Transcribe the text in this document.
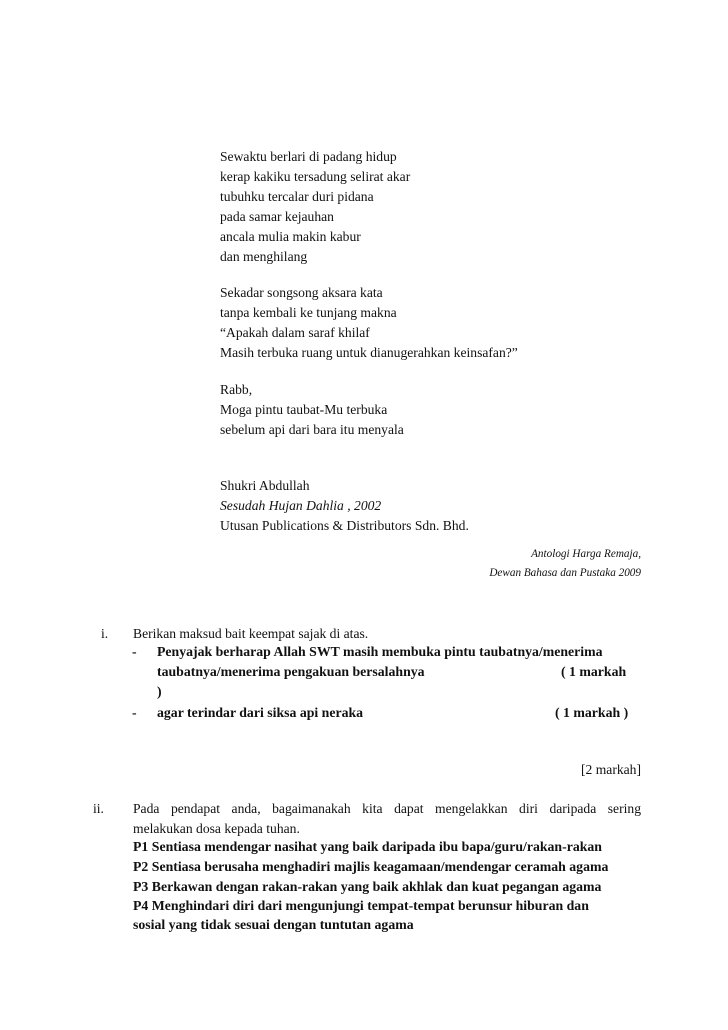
Sewaktu berlari di padang hidup
kerap kakiku tersadung selirat akar
tubuhku tercalar duri pidana
pada samar kejauhan
ancala mulia makin kabur
dan menghilang
Sekadar songsong aksara kata
tanpa kembali ke tunjang makna
“Apakah dalam saraf khilaf
Masih terbuka ruang untuk dianugerahkan keinsafan?”
Rabb,
Moga pintu taubat-Mu terbuka
sebelum api dari bara itu menyala
Shukri Abdullah
Sesudah Hujan Dahlia , 2002
Utusan Publications & Distributors Sdn. Bhd.
Antologi Harga Remaja,
Dewan Bahasa dan Pustaka 2009
i. Berikan maksud bait keempat sajak di atas.
- Penyajak berharap Allah SWT masih membuka pintu taubatnya/menerima
taubatnya/menerima pengakuan bersalahnya	( 1 markah
)
- agar terindar dari siksa api neraka	( 1 markah )
[2 markah]
ii. Pada pendapat anda, bagaimanakah kita dapat mengelakkan diri daripada sering
melakukan dosa kepada tuhan.
P1 Sentiasa mendengar nasihat yang baik daripada ibu bapa/guru/rakan-rakan
P2 Sentiasa berusaha menghadiri majlis keagamaan/mendengar ceramah agama
P3 Berkawan dengan rakan-rakan yang baik akhlak dan kuat pegangan agama
P4 Menghindari diri dari mengunjungi tempat-tempat berunsur hiburan dan
sosial yang tidak sesuai dengan tuntutan agama
